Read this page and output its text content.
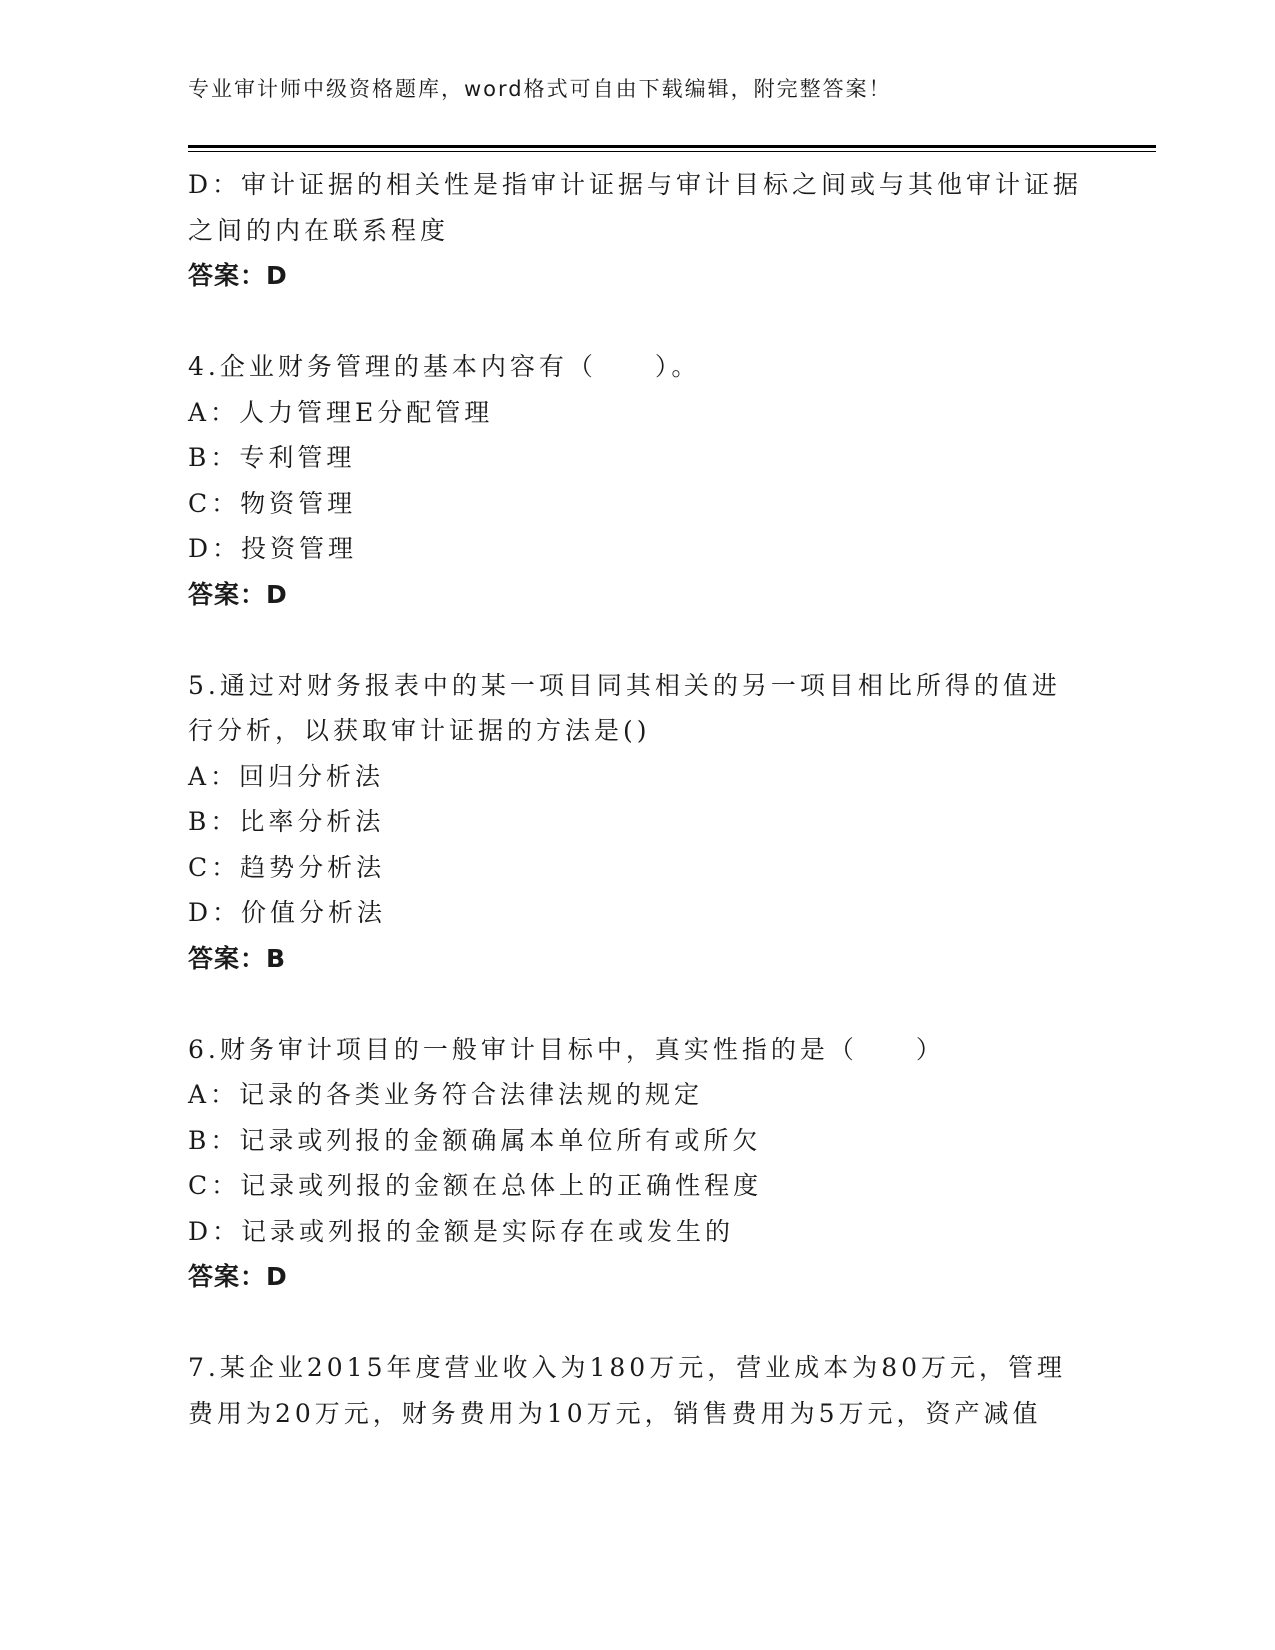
专业审计师中级资格题库，word格式可自由下载编辑，附完整答案！
D：审计证据的相关性是指审计证据与审计目标之间或与其他审计证据
之间的内在联系程度
答案：D
4.企业财务管理的基本内容有（　　）。
A：人力管理E分配管理
B：专利管理
C：物资管理
D：投资管理
答案：D
5.通过对财务报表中的某一项目同其相关的另一项目相比所得的值进
行分析，以获取审计证据的方法是()
A：回归分析法
B：比率分析法
C：趋势分析法
D：价值分析法
答案：B
6.财务审计项目的一般审计目标中，真实性指的是（　　）
A：记录的各类业务符合法律法规的规定
B：记录或列报的金额确属本单位所有或所欠
C：记录或列报的金额在总体上的正确性程度
D：记录或列报的金额是实际存在或发生的
答案：D
7.某企业2015年度营业收入为180万元，营业成本为80万元，管理
费用为20万元，财务费用为10万元，销售费用为5万元，资产减值
